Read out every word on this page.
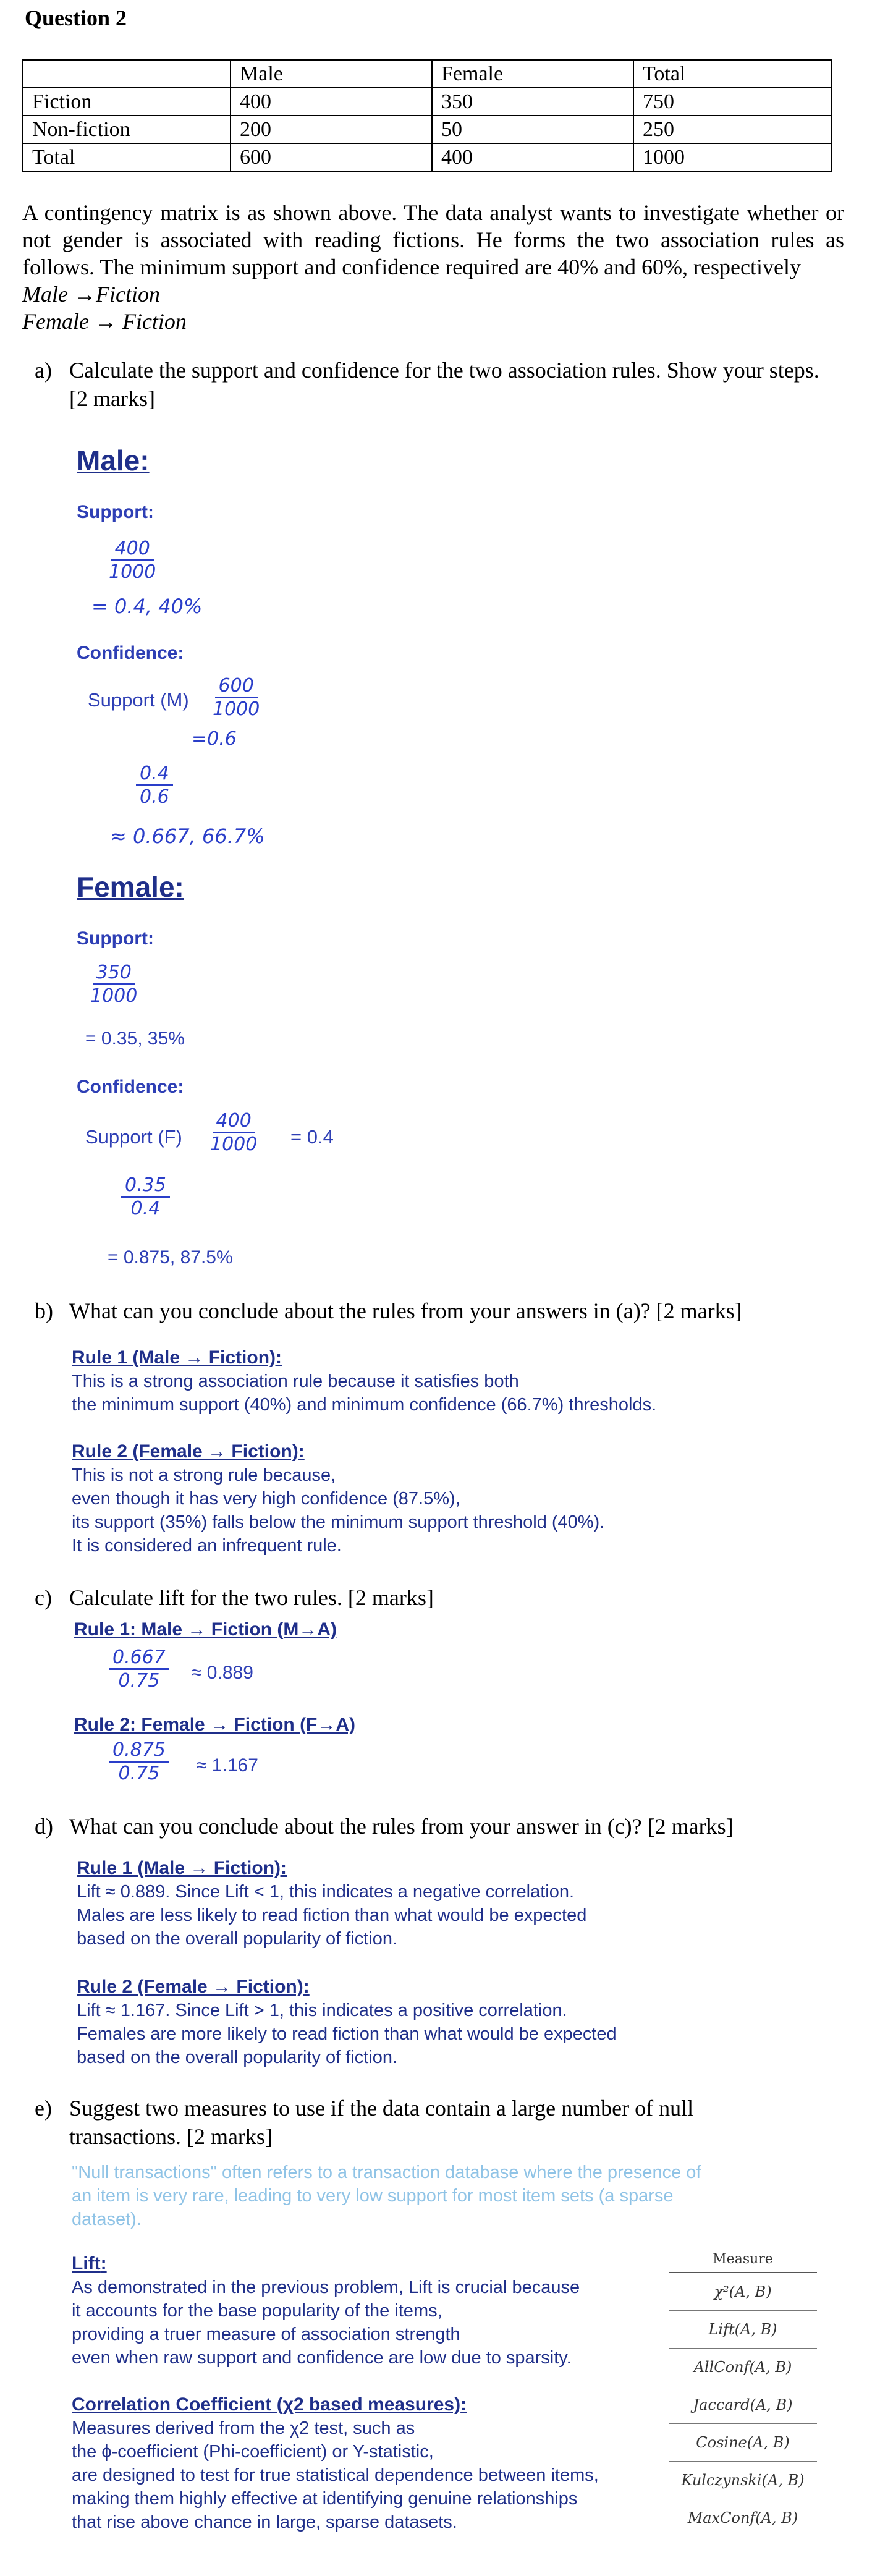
Question 2
	Male	Female	Total
Fiction	400	350	750
Non-fiction	200	50	250
Total	600	400	1000
A contingency matrix is as shown above. The data analyst wants to investigate whether or not gender is associated with reading fictions. He forms the two association rules as follows. The minimum support and confidence required are 40% and 60%, respectively
Male →Fiction
Female → Fiction
a) Calculate the support and confidence for the two association rules. Show your steps. [2 marks]
Male:
Support:
$\frac{400}{1000}$
= 0.4, 40%
Confidence:
Support $(M) \frac{600}{1000}$
=0.6
$\frac{0.4}{0.6}$
≈ 0.667, 66.7%
Female:
Support:
$\frac{350}{1000}$
= 0.35, 35%
Confidence:
Support $(F) \frac{400}{1000} = 0.4$
$\frac{0.35}{0.4}$
= 0.875, 87.5%
b) What can you conclude about the rules from your answers in (a)? [2 marks]
Rule 1 (Male → Fiction):
This is a strong association rule because it satisfies both
the minimum support (40%) and minimum confidence (66.7%) thresholds.
Rule 2 (Female → Fiction):
This is not a strong rule because,
even though it has very high confidence (87.5%),
its support (35%) falls below the minimum support threshold (40%).
It is considered an infrequent rule.
c) Calculate lift for the two rules. [2 marks]
Rule 1: Male → Fiction (M→A)
$\frac{0.667}{0.75} \approx 0.889$
Rule 2: Female → Fiction (F→A)
$\frac{0.875}{0.75} \approx 1.167$
d) What can you conclude about the rules from your answer in (c)? [2 marks]
Rule 1 (Male → Fiction):
Lift ≈ 0.889. Since Lift < 1, this indicates a negative correlation.
Males are less likely to read fiction than what would be expected
based on the overall popularity of fiction.
Rule 2 (Female → Fiction):
Lift ≈ 1.167. Since Lift > 1, this indicates a positive correlation.
Females are more likely to read fiction than what would be expected
based on the overall popularity of fiction.
e) Suggest two measures to use if the data contain a large number of null
transactions. [2 marks]
"Null transactions" often refers to a transaction database where the presence of
an item is very rare, leading to very low support for most item sets (a sparse
dataset).
Lift:
As demonstrated in the previous problem, Lift is crucial because
it accounts for the base popularity of the items,
providing a truer measure of association strength
even when raw support and confidence are low due to sparsity.
Correlation Coefficient (χ2 based measures):
Measures derived from the χ2 test, such as
the ϕ-coefficient (Phi-coefficient) or Y-statistic,
are designed to test for true statistical dependence between items,
making them highly effective at identifying genuine relationships
that rise above chance in large, sparse datasets.
Measure
χ²(A, B)
Lift(A, B)
AllConf(A, B)
Jaccard(A, B)
Cosine(A, B)
Kulczynski(A, B)
MaxConf(A, B)
